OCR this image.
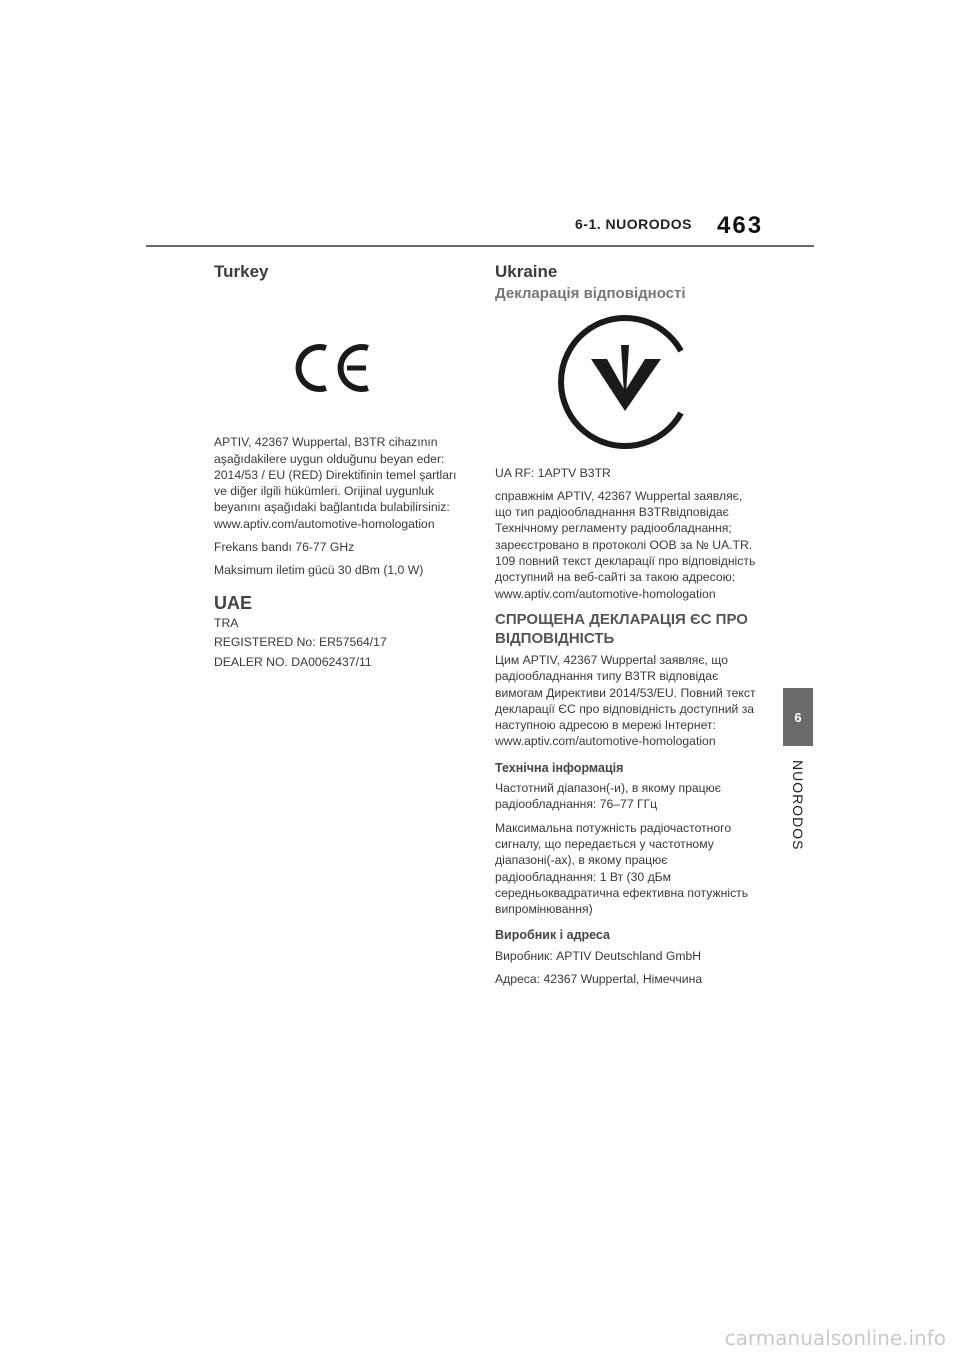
6-1. NUORODOS 463
Turkey

APTIV, 42367 Wuppertal, B3TR cihazının aşağıdakilere uygun olduğunu beyan eder: 2014/53 / EU (RED) Direktifinin temel şartları ve diğer ilgili hükümleri. Orijinal uygunluk beyanını aşağıdaki bağlantıda bulabilirsiniz: www.aptiv.com/automotive-homologation

Frekans bandı 76-77 GHz

Maksimum iletim gücü 30 dBm (1,0 W)

UAE
TRA
REGISTERED No: ER57564/17
DEALER NO. DA0062437/11
Ukraine
Декларація відповідності

UA RF: 1APTV B3TR

справжнім APTIV, 42367 Wuppertal заявляє, що тип радіообладнання B3TRвідповідає Технічному регламенту радіообладнання; зареєстровано в протоколі OOB за № UA.TR. 109 повний текст декларації про відповідність доступний на веб-сайті за такою адресою: www.aptiv.com/automotive-homologation

СПРОЩЕНА ДЕКЛАРАЦІЯ ЄС ПРО ВІДПОВІДНІСТЬ

Цим APTIV, 42367 Wuppertal заявляє, що радіообладнання типу B3TR відповідає вимогам Директиви 2014/53/EU. Повний текст декларації ЄС про відповідність доступний за наступною адресою в мережі Інтернет: www.aptiv.com/automotive-homologation

Технічна інформація

Частотний діапазон(-и), в якому працює радіообладнання: 76–77 ГГц

Максимальна потужність радіочастотного сигналу, що передається у частотному діапазоні(-ах), в якому працює радіообладнання: 1 Вт (30 дБм середньоквадратична ефективна потужність випромінювання)

Виробник і адреса

Виробник: APTIV Deutschland GmbH

Адреса: 42367 Wuppertal, Німеччина

6
NUORODOS
carmanualsonline.info
